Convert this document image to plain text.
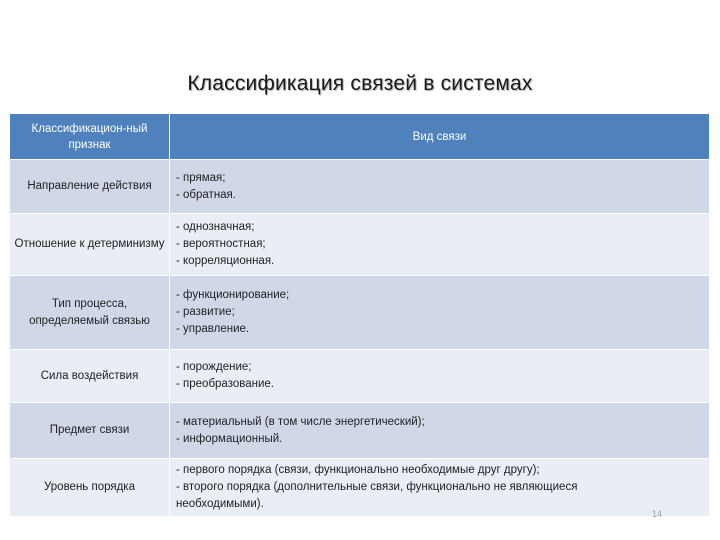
Классификация связей в системах
Классификацион-ный признак	Вид связи
Направление действия	- прямая;
- обратная.

Отношение к детерминизму	- однозначная;
- вероятностная;
- корреляционная.

Тип процесса, определяемый связью	- функционирование;
- развитие;
- управление.

Сила воздействия	- порождение;
- преобразование.

Предмет связи	- материальный (в том числе энергетический);
- информационный.

Уровень порядка	- первого порядка (связи, функционально необходимые друг другу);
- второго порядка (дополнительные связи, функционально не являющиеся
необходимыми).
14
